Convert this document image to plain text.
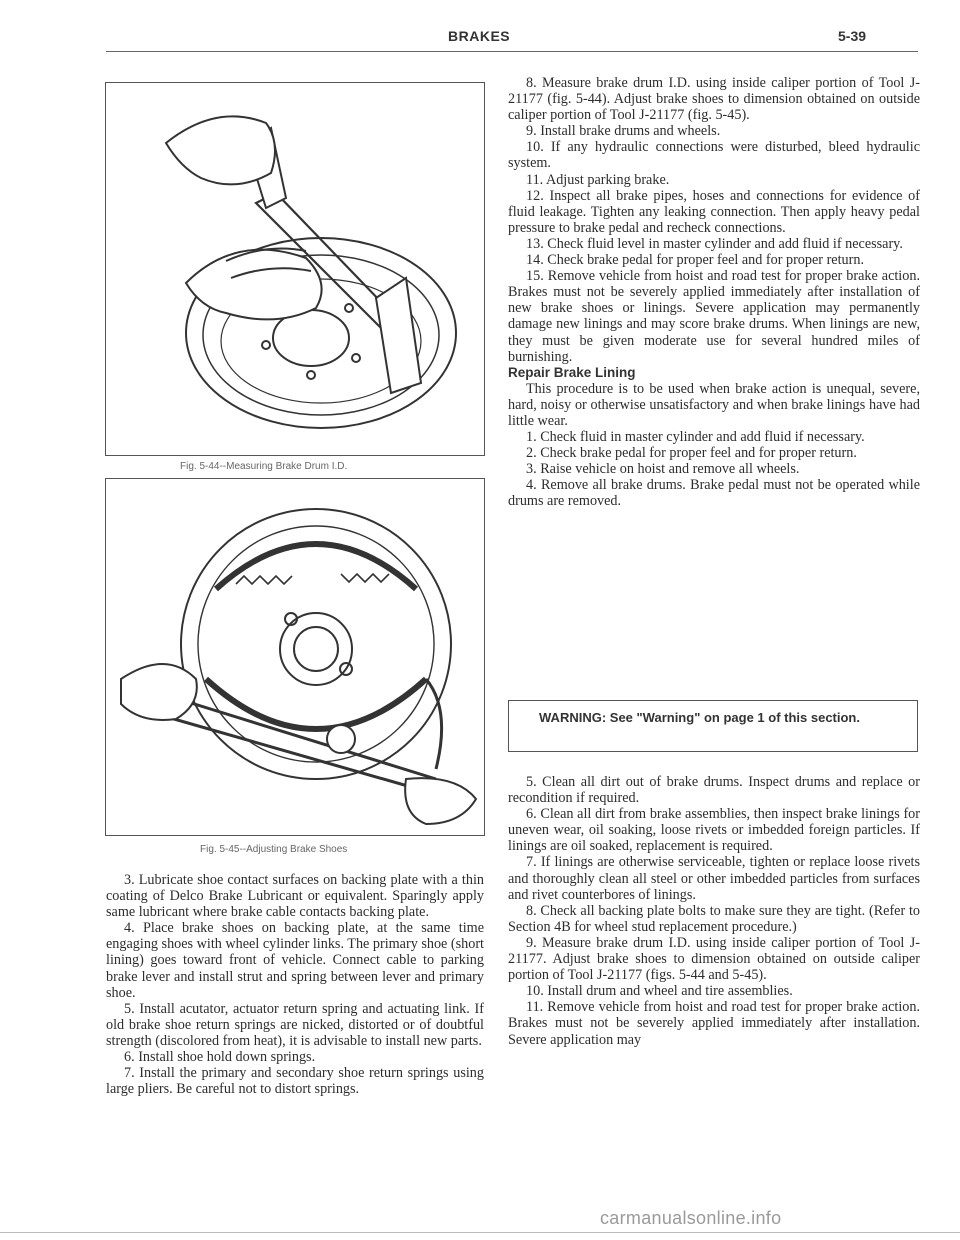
BRAKES	5-39
Fig. 5-44--Measuring Brake Drum I.D.
Fig. 5-45--Adjusting Brake Shoes

3. Lubricate shoe contact surfaces on backing plate with a thin coating of Delco Brake Lubricant or equivalent. Sparingly apply same lubricant where brake cable contacts backing plate.

4. Place brake shoes on backing plate, at the same time engaging shoes with wheel cylinder links. The primary shoe (short lining) goes toward front of vehicle. Connect cable to parking brake lever and install strut and spring between lever and primary shoe.

5. Install acutator, actuator return spring and actuating link. If old brake shoe return springs are nicked, distorted or of doubtful strength (discolored from heat), it is advisable to install new parts.

6. Install shoe hold down springs.

7. Install the primary and secondary shoe return springs using large pliers. Be careful not to distort springs.

8. Measure brake drum I.D. using inside caliper portion of Tool J-21177 (fig. 5-44). Adjust brake shoes to dimension obtained on outside caliper portion of Tool J-21177 (fig. 5-45).

9. Install brake drums and wheels.

10. If any hydraulic connections were disturbed, bleed hydraulic system.

11. Adjust parking brake.

12. Inspect all brake pipes, hoses and connections for evidence of fluid leakage. Tighten any leaking connection. Then apply heavy pedal pressure to brake pedal and recheck connections.

13. Check fluid level in master cylinder and add fluid if necessary.

14. Check brake pedal for proper feel and for proper return.

15. Remove vehicle from hoist and road test for proper brake action. Brakes must not be severely applied immediately after installation of new brake shoes or linings. Severe application may permanently damage new linings and may score brake drums. When linings are new, they must be given moderate use for several hundred miles of burnishing.

Repair Brake Lining

This procedure is to be used when brake action is unequal, severe, hard, noisy or otherwise unsatisfactory and when brake linings have had little wear.

1. Check fluid in master cylinder and add fluid if necessary.

2. Check brake pedal for proper feel and for proper return.

3. Raise vehicle on hoist and remove all wheels.

4. Remove all brake drums. Brake pedal must not be operated while drums are removed.

WARNING: See "Warning" on page 1 of this section.

5. Clean all dirt out of brake drums. Inspect drums and replace or recondition if required.

6. Clean all dirt from brake assemblies, then inspect brake linings for uneven wear, oil soaking, loose rivets or imbedded foreign particles. If linings are oil soaked, replacement is required.

7. If linings are otherwise serviceable, tighten or replace loose rivets and thoroughly clean all steel or other imbedded particles from surfaces and rivet counterbores of linings.

8. Check all backing plate bolts to make sure they are tight. (Refer to Section 4B for wheel stud replacement procedure.)

9. Measure brake drum I.D. using inside caliper portion of Tool J-21177. Adjust brake shoes to dimension obtained on outside caliper portion of Tool J-21177 (figs. 5-44 and 5-45).

10. Install drum and wheel and tire assemblies.

11. Remove vehicle from hoist and road test for proper brake action. Brakes must not be severely applied immediately after installation. Severe application may

carmanualsonline.info
